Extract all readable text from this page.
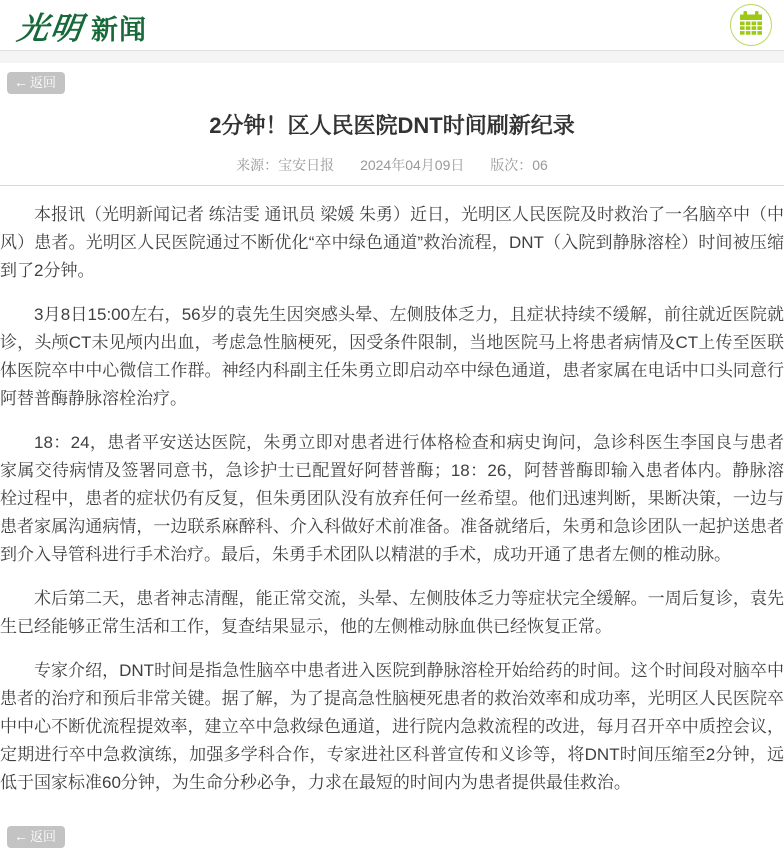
光明 新闻
← 返回
2分钟！区人民医院DNT时间刷新纪录
来源：宝安日报 2024年04月09日 版次：06

本报讯（光明新闻记者 练洁雯 通讯员 梁媛 朱勇）近日，光明区人民医院及时救治了一名脑卒中（中风）患者。光明区人民医院通过不断优化“卒中绿色通道”救治流程，DNT（入院到静脉溶栓）时间被压缩到了2分钟。

3月8日15:00左右，56岁的袁先生因突感头晕、左侧肢体乏力，且症状持续不缓解，前往就近医院就诊，头颅CT未见颅内出血，考虑急性脑梗死，因受条件限制，当地医院马上将患者病情及CT上传至医联体医院卒中中心微信工作群。神经内科副主任朱勇立即启动卒中绿色通道，患者家属在电话中口头同意行阿替普酶静脉溶栓治疗。

18：24，患者平安送达医院，朱勇立即对患者进行体格检查和病史询问，急诊科医生李国良与患者家属交待病情及签署同意书，急诊护士已配置好阿替普酶；18：26，阿替普酶即输入患者体内。静脉溶栓过程中，患者的症状仍有反复，但朱勇团队没有放弃任何一丝希望。他们迅速判断，果断决策，一边与患者家属沟通病情，一边联系麻醉科、介入科做好术前准备。准备就绪后，朱勇和急诊团队一起护送患者到介入导管科进行手术治疗。最后，朱勇手术团队以精湛的手术，成功开通了患者左侧的椎动脉。

术后第二天，患者神志清醒，能正常交流，头晕、左侧肢体乏力等症状完全缓解。一周后复诊，袁先生已经能够正常生活和工作，复查结果显示，他的左侧椎动脉血供已经恢复正常。

专家介绍，DNT时间是指急性脑卒中患者进入医院到静脉溶栓开始给药的时间。这个时间段对脑卒中患者的治疗和预后非常关键。据了解，为了提高急性脑梗死患者的救治效率和成功率，光明区人民医院卒中中心不断优流程提效率，建立卒中急救绿色通道，进行院内急救流程的改进，每月召开卒中质控会议，定期进行卒中急救演练，加强多学科合作，专家进社区科普宣传和义诊等，将DNT时间压缩至2分钟，远低于国家标准60分钟，为生命分秒必争，力求在最短的时间内为患者提供最佳救治。

← 返回
